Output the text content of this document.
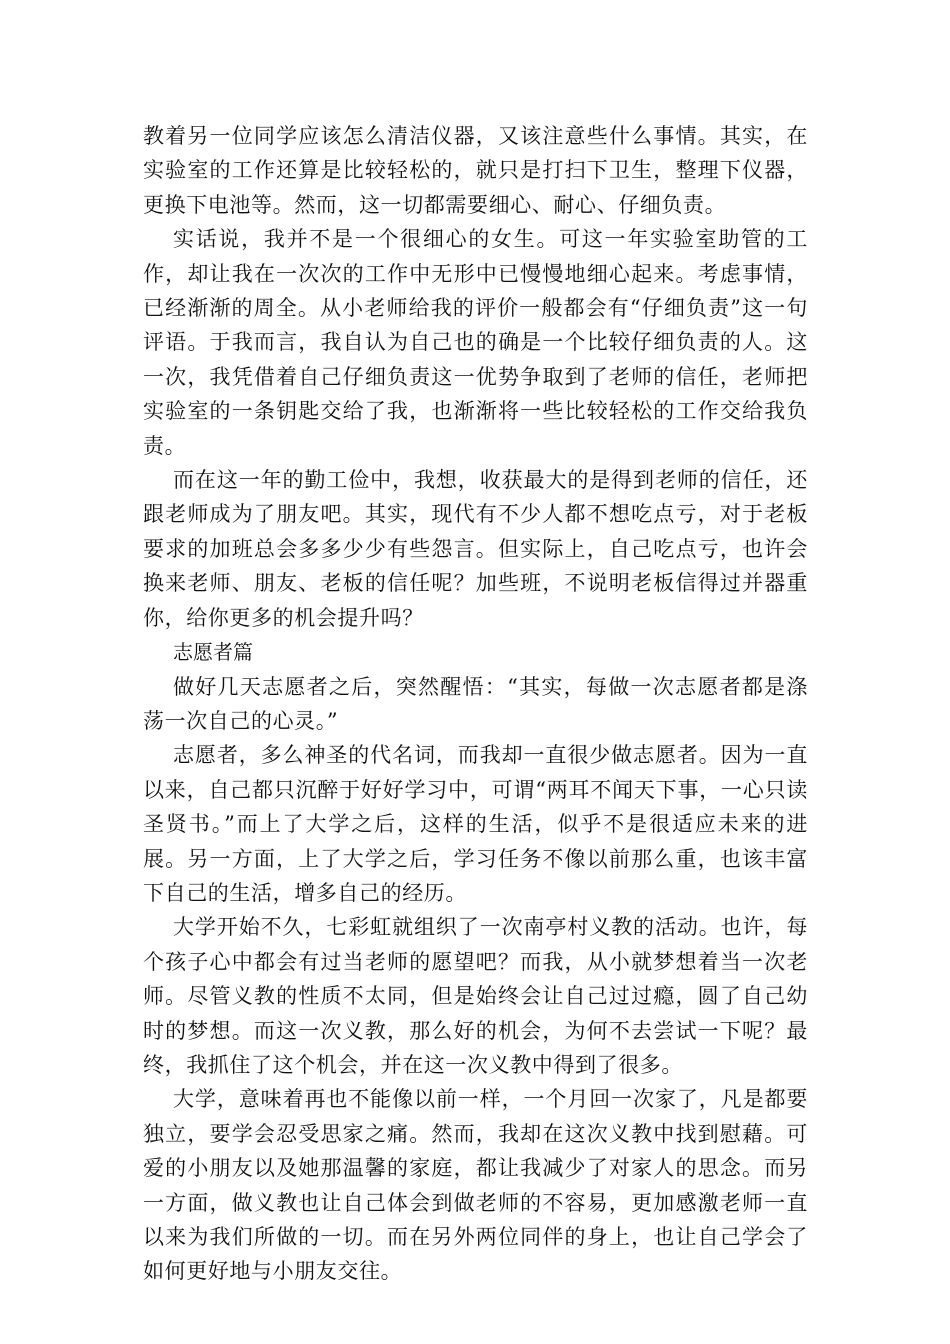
教着另一位同学应该怎么清洁仪器，又该注意些什么事情。其实，在实验室的工作还算是比较轻松的，就只是打扫下卫生，整理下仪器，更换下电池等。然而，这一切都需要细心、耐心、仔细负责。

实话说，我并不是一个很细心的女生。可这一年实验室助管的工作，却让我在一次次的工作中无形中已慢慢地细心起来。考虑事情，已经渐渐的周全。从小老师给我的评价一般都会有“仔细负责”这一句评语。于我而言，我自认为自己也的确是一个比较仔细负责的人。这一次，我凭借着自己仔细负责这一优势争取到了老师的信任，老师把实验室的一条钥匙交给了我，也渐渐将一些比较轻松的工作交给我负责。

而在这一年的勤工俭中，我想，收获最大的是得到老师的信任，还跟老师成为了朋友吧。其实，现代有不少人都不想吃点亏，对于老板要求的加班总会多多少少有些怨言。但实际上，自己吃点亏，也许会换来老师、朋友、老板的信任呢？加些班，不说明老板信得过并器重你，给你更多的机会提升吗？

志愿者篇

做好几天志愿者之后，突然醒悟：“其实，每做一次志愿者都是涤荡一次自己的心灵。”

志愿者，多么神圣的代名词，而我却一直很少做志愿者。因为一直以来，自己都只沉醉于好好学习中，可谓“两耳不闻天下事，一心只读圣贤书。”而上了大学之后，这样的生活，似乎不是很适应未来的进展。另一方面，上了大学之后，学习任务不像以前那么重，也该丰富下自己的生活，增多自己的经历。

大学开始不久，七彩虹就组织了一次南亭村义教的活动。也许，每个孩子心中都会有过当老师的愿望吧？而我，从小就梦想着当一次老师。尽管义教的性质不太同，但是始终会让自己过过瘾，圆了自己幼时的梦想。而这一次义教，那么好的机会，为何不去尝试一下呢？最终，我抓住了这个机会，并在这一次义教中得到了很多。

大学，意味着再也不能像以前一样，一个月回一次家了，凡是都要独立，要学会忍受思家之痛。然而，我却在这次义教中找到慰藉。可爱的小朋友以及她那温馨的家庭，都让我减少了对家人的思念。而另一方面，做义教也让自己体会到做老师的不容易，更加感激老师一直以来为我们所做的一切。而在另外两位同伴的身上，也让自己学会了如何更好地与小朋友交往。
